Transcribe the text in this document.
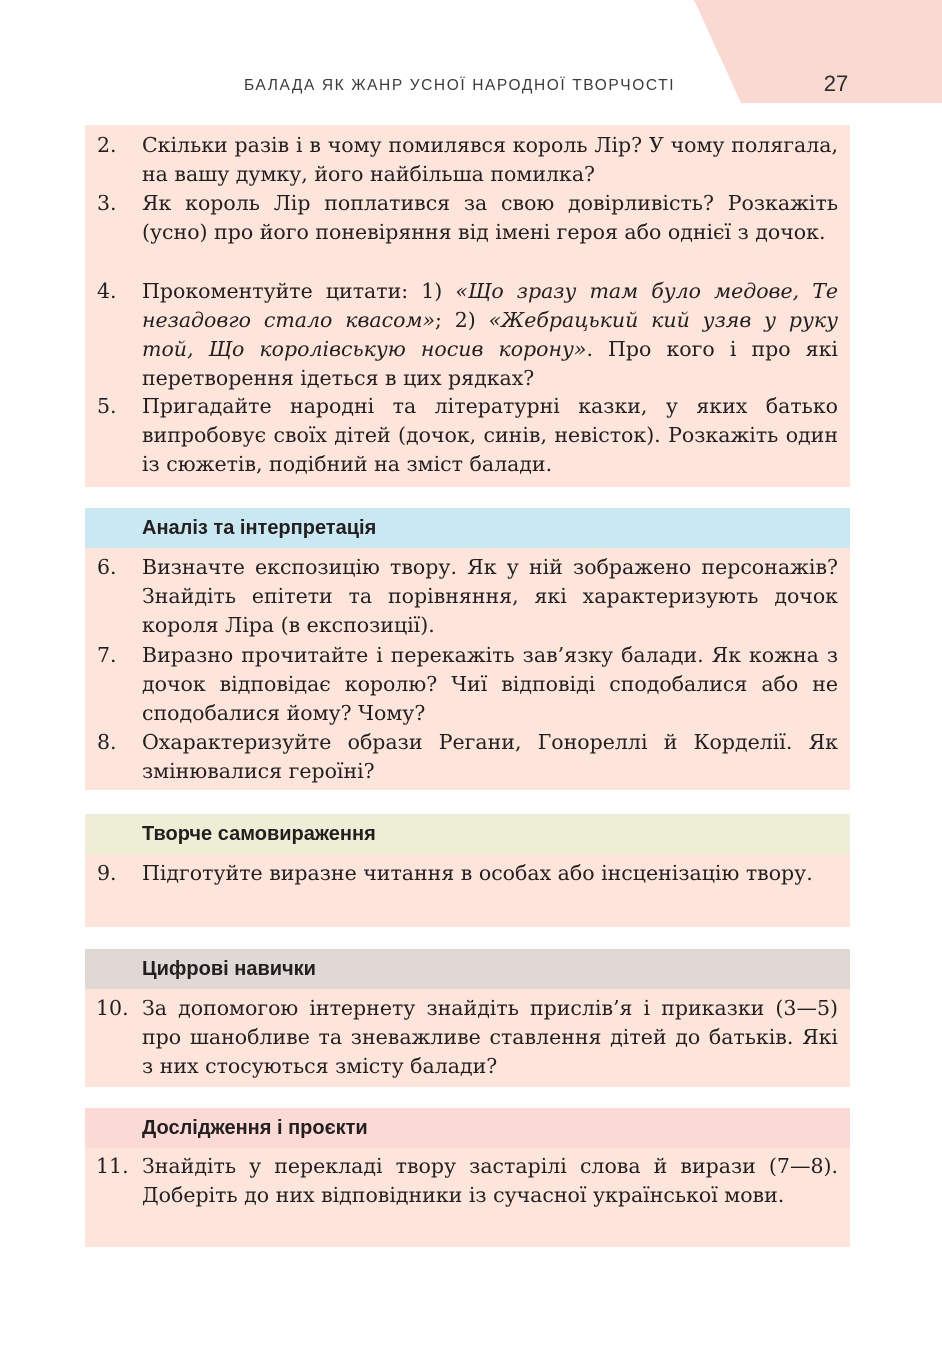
БАЛАДА ЯК ЖАНР УСНОЇ НАРОДНОЇ ТВОРЧОСТІ	27
2. Скільки разів і в чому помилявся король Лір? У чому полягала, на вашу думку, його найбільша помилка?
3. Як король Лір поплатився за свою довірливість? Розкажіть (усно) про його поневіряння від імені героя або однієї з дочок.
4. Прокоментуйте цитати: 1) «Що зразу там було медове, Те незадовго стало квасом»; 2) «Жебрацький кий узяв у руку той, Що королівськую носив корону». Про кого і про які перетворення ідеться в цих рядках?
5. Пригадайте народні та літературні казки, у яких батько випробовує своїх дітей (дочок, синів, невісток). Розкажіть один із сюжетів, подібний на зміст балади.
Аналіз та інтерпретація
6. Визначте експозицію твору. Як у ній зображено персонажів? Знайдіть епітети та порівняння, які характеризують дочок короля Ліра (в експозиції).
7. Виразно прочитайте і перекажіть зав’язку балади. Як кожна з дочок відповідає королю? Чиї відповіді сподобалися або не сподобалися йому? Чому?
8. Охарактеризуйте образи Регани, Гонореллі й Корделії. Як змінювалися героїні?
Творче самовираження
9. Підготуйте виразне читання в особах або інсценізацію твору.
Цифрові навички
10. За допомогою інтернету знайдіть прислів’я і приказки (3—5) про шанобливе та зневажливе ставлення дітей до батьків. Які з них стосуються змісту балади?
Дослідження і проєкти
11. Знайдіть у перекладі твору застарілі слова й вирази (7—8). Доберіть до них відповідники із сучасної української мови.
